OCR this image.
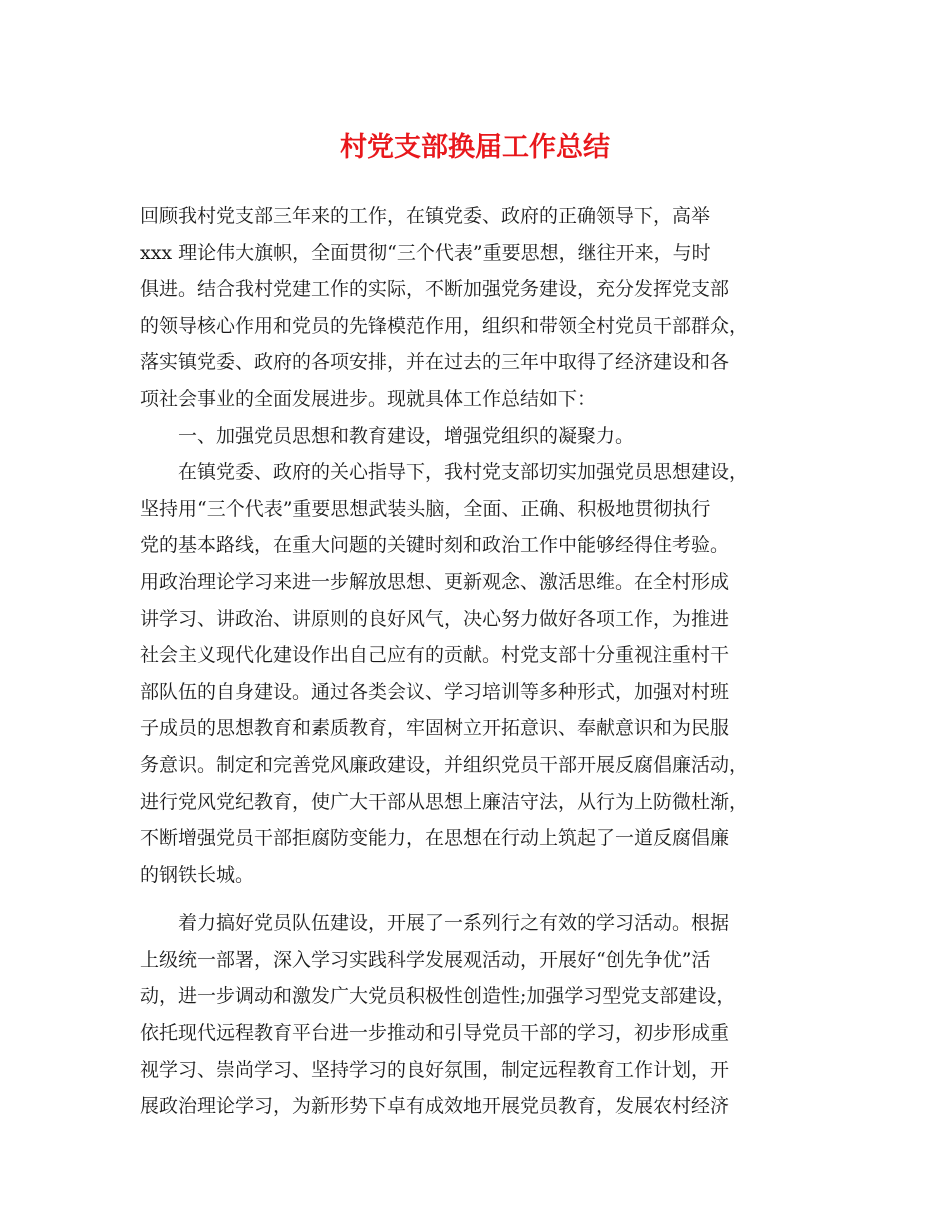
村党支部换届工作总结
回顾我村党支部三年来的工作，在镇党委、政府的正确领导下，高举
xxx 理论伟大旗帜，全面贯彻“三个代表”重要思想，继往开来，与时
俱进。结合我村党建工作的实际，不断加强党务建设，充分发挥党支部
的领导核心作用和党员的先锋模范作用，组织和带领全村党员干部群众，
落实镇党委、政府的各项安排，并在过去的三年中取得了经济建设和各
项社会事业的全面发展进步。现就具体工作总结如下：
一、加强党员思想和教育建设，增强党组织的凝聚力。
在镇党委、政府的关心指导下，我村党支部切实加强党员思想建设，
坚持用“三个代表”重要思想武装头脑，全面、正确、积极地贯彻执行
党的基本路线，在重大问题的关键时刻和政治工作中能够经得住考验。
用政治理论学习来进一步解放思想、更新观念、激活思维。在全村形成
讲学习、讲政治、讲原则的良好风气，决心努力做好各项工作，为推进
社会主义现代化建设作出自己应有的贡献。村党支部十分重视注重村干
部队伍的自身建设。通过各类会议、学习培训等多种形式，加强对村班
子成员的思想教育和素质教育，牢固树立开拓意识、奉献意识和为民服
务意识。制定和完善党风廉政建设，并组织党员干部开展反腐倡廉活动，
进行党风党纪教育，使广大干部从思想上廉洁守法，从行为上防微杜渐，
不断增强党员干部拒腐防变能力，在思想在行动上筑起了一道反腐倡廉
的钢铁长城。
着力搞好党员队伍建设，开展了一系列行之有效的学习活动。根据
上级统一部署，深入学习实践科学发展观活动，开展好“创先争优”活
动，进一步调动和激发广大党员积极性创造性;加强学习型党支部建设，
依托现代远程教育平台进一步推动和引导党员干部的学习，初步形成重
视学习、崇尚学习、坚持学习的良好氛围，制定远程教育工作计划，开
展政治理论学习，为新形势下卓有成效地开展党员教育，发展农村经济
